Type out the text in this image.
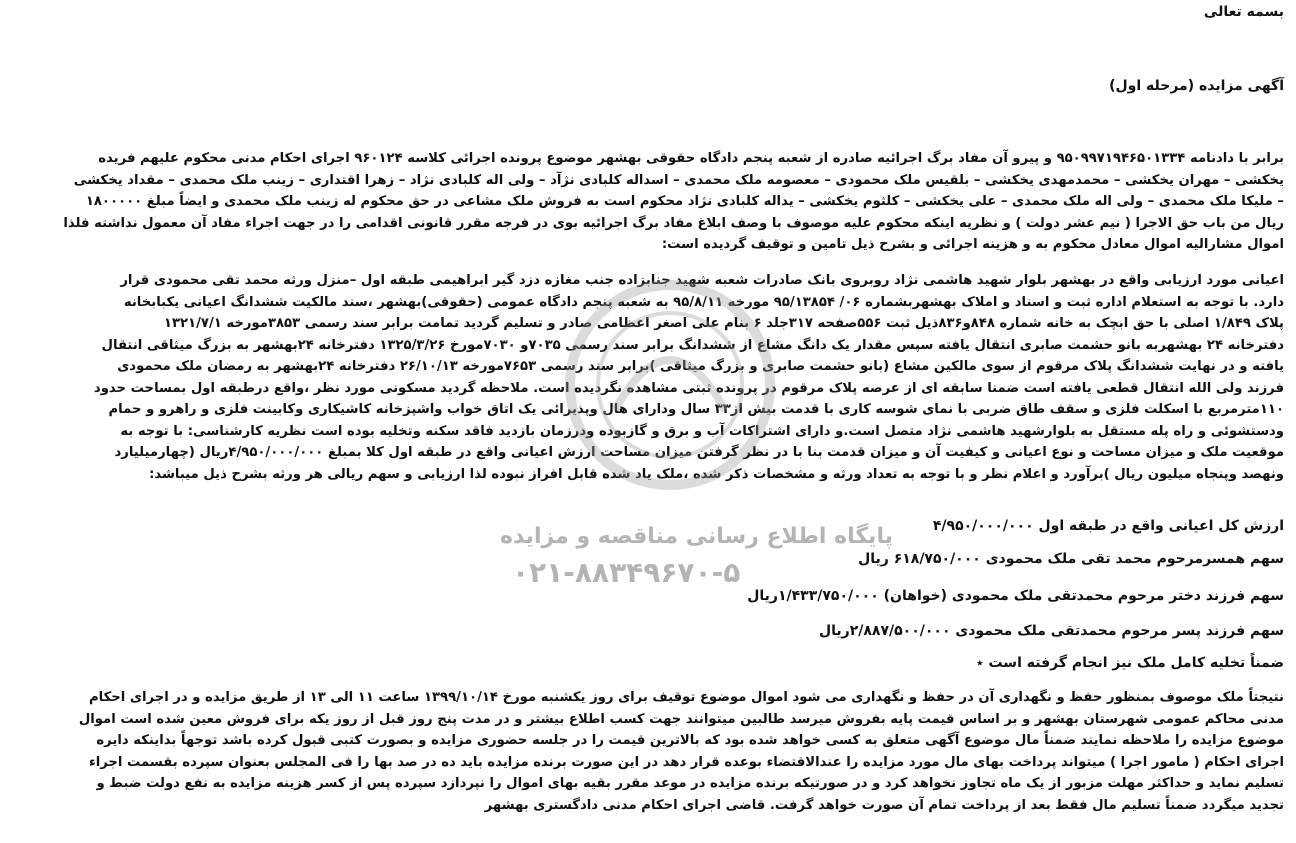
بسمه تعالی
آگهی مزایده (مرحله اول)
برابر با دادنامه ۹۵۰۹۹۷۱۹۴۶۵۰۱۳۳۴ و پیرو آن مفاد برگ اجرائیه صادره از شعبه پنجم دادگاه حقوقی بهشهر موضوع پرونده اجرائی کلاسه ۹۶۰۱۲۴ اجرای احکام مدنی محکوم علیهم فریده
یخکشی – مهران یخکشی – محمدمهدی یخکشی – بلقیس ملک محمودی – معصومه ملک محمدی – اسداله کلبادی نژآد – ولی اله کلبادی نژاد – زهرا اقتداری – زینب ملک محمدی – مقداد یخکشی
– ملیکا ملک محمدی – ولی اله ملک محمدی – علی یخکشی – کلثوم یخکشی – یداله کلبادی نژاد محکوم است به فروش ملک مشاعی در حق محکوم له زینب ملک محمدی و ایضاً مبلغ ۱۸۰۰۰۰۰
ریال من باب حق الاجرا ( نیم عشر دولت ) و نظریه اینکه محکوم علیه موصوف با وصف ابلاغ مفاد برگ اجرائیه بوی در فرجه مقرر قانونی اقدامی را در جهت اجراء مفاد آن معمول نداشته فلذا
اموال مشارالیه اموال معادل محکوم به و هزینه اجرائی و بشرح ذیل تامین و توقیف گردیده است:
اعیانی مورد ارزیابی واقع در بهشهر بلوار شهید هاشمی نژاد روبروی بانک صادرات شعبه شهید جنابزاده جنب مغازه دزد گیر ابراهیمی طبقه اول –منزل ورثه محمد تقی محمودی قرار
دارد. با توجه به استعلام اداره ثبت و اسناد و املاک بهشهربشماره ۰۶/ ۹۵/۱۳۸۵۴ مورخه ۹۵/۸/۱۱ به شعبه پنجم دادگاه عمومی (حقوقی)بهشهر ،سند مالکیت ششدانگ اعیانی یکبابخانه
پلاک ۱/۸۴۹ اصلی با حق ابچک به خانه شماره ۸۴۸و۸۳۶ذیل ثبت ۵۵۶صفحه ۳۱۷جلد ۶ بنام علی اصغر اعظامی صادر و تسلیم گردید تمامت برابر سند رسمی ۳۸۵۳مورخه ۱۳۲۱/۷/۱
دفترخانه ۲۴ بهشهربه بانو حشمت صابری انتقال یافته سپس مقدار یک دانگ مشاع از ششدانگ برابر سند رسمی ۷۰۳۵و ۷۰۳۰مورخ ۱۳۲۵/۳/۲۶ دفترخانه ۲۴بهشهر به بزرگ میثاقی انتقال
یافته و در نهایت ششدانگ پلاک مرقوم از سوی مالکین مشاع (بانو حشمت صابری و بزرگ میثاقی )برابر سند رسمی ۷۶۵۳مورخه ۲۶/۱۰/۱۳ دفترخانه ۲۴بهشهر به رمضان ملک محمودی
فرزند ولی الله انتقال قطعی یافته است ضمنا سابقه ای از عرصه پلاک مرقوم در پرونده ثبتی مشاهده نگردیده است. ملاحظه گردید مسکونی مورد نظر ،واقع درطبقه اول بمساحت حدود
۱۱۰مترمربع با اسکلت فلزی و سقف طاق ضربی با نمای شوسه کاری با قدمت بیش از۳۳ سال ودارای هال وپذیرائی یک اتاق خواب واشپزخانه کاشیکاری وکابینت فلزی و راهرو و حمام
ودستشوئی و راه پله مستقل به بلوارشهید هاشمی نژاد متصل است.و دارای اشتراکات آب و برق و گازبوده ودرزمان بازدید فاقد سکنه وتخلیه بوده است نظریه کارشناسی: با توجه به
موقعیت ملک و میزان مساحت و نوع اعیانی و کیفیت آن و میزان قدمت بنا با در نظر گرفتن میزان مساحت ارزش اعیانی واقع در طبقه اول کلا بمبلغ ۴/۹۵۰/۰۰۰/۰۰۰ریال (چهارمیلیارد
ونهصد وپنجاه میلیون ریال )برآورد و اعلام نظر و با توجه به تعداد ورثه و مشخصات ذکر شده ،ملک یاد شده قابل افراز نبوده لذا ارزیابی و سهم ریالی هر ورثه بشرح ذیل میباشد:
ارزش کل اعیانی واقع در طبقه اول ۴/۹۵۰/۰۰۰/۰۰۰
سهم همسرمرحوم محمد تقی ملک محمودی ۶۱۸/۷۵۰/۰۰۰ ریال
سهم فرزند دختر مرحوم محمدتقی ملک محمودی (خواهان) ۱/۴۳۳/۷۵۰/۰۰۰ریال
سهم فرزند پسر مرحوم محمدتقی ملک محمودی ۲/۸۸۷/۵۰۰/۰۰۰ریال
ضمناً تخلیه کامل ملک نیز انجام گرفته است ٭
نتیجتاً ملک موصوف بمنظور حفظ و نگهداری آن در حفظ و نگهداری می شود اموال موضوع توقیف برای روز یکشنبه مورخ ۱۳۹۹/۱۰/۱۴ ساعت ۱۱ الی ۱۳ از طریق مزایده و در اجرای احکام
مدنی محاکم عمومی شهرستان بهشهر و بر اساس قیمت پایه بفروش میرسد طالبین میتوانند جهت کسب اطلاع بیشتر و در مدت پنج روز قبل از روز یکه برای فروش معین شده است اموال
موضوع مزایده را ملاحظه نمایند ضمناً مال موضوع آگهی متعلق به کسی خواهد شده بود که بالاترین قیمت را در جلسه حضوری مزایده و بصورت کتبی قبول کرده باشد توجهاً بداینکه دایره
اجرای احکام ( مامور اجرا ) میتواند پرداخت بهای مال مورد مزایده را عندالاقتضاء بوعده قرار دهد در این صورت برنده مزایده باید ده در صد بها را فی المجلس بعنوان سپرده بقسمت اجراء
تسلیم نماید و حداکثر مهلت مزبور از یک ماه تجاوز نخواهد کرد و در صورتیکه برنده مزایده در موعد مقرر بقیه بهای اموال را نپردازد سپرده پس از کسر هزینه مزایده به نفع دولت ضبط و
تجدید میگردد ضمناً تسلیم مال فقط بعد از پرداخت تمام آن صورت خواهد گرفت. قاضی اجرای احکام مدنی دادگستری بهشهر
پایگاه اطلاع رسانی مناقصه و مزایده
۰۲۱-۸۸۳۴۹۶۷۰-۵
